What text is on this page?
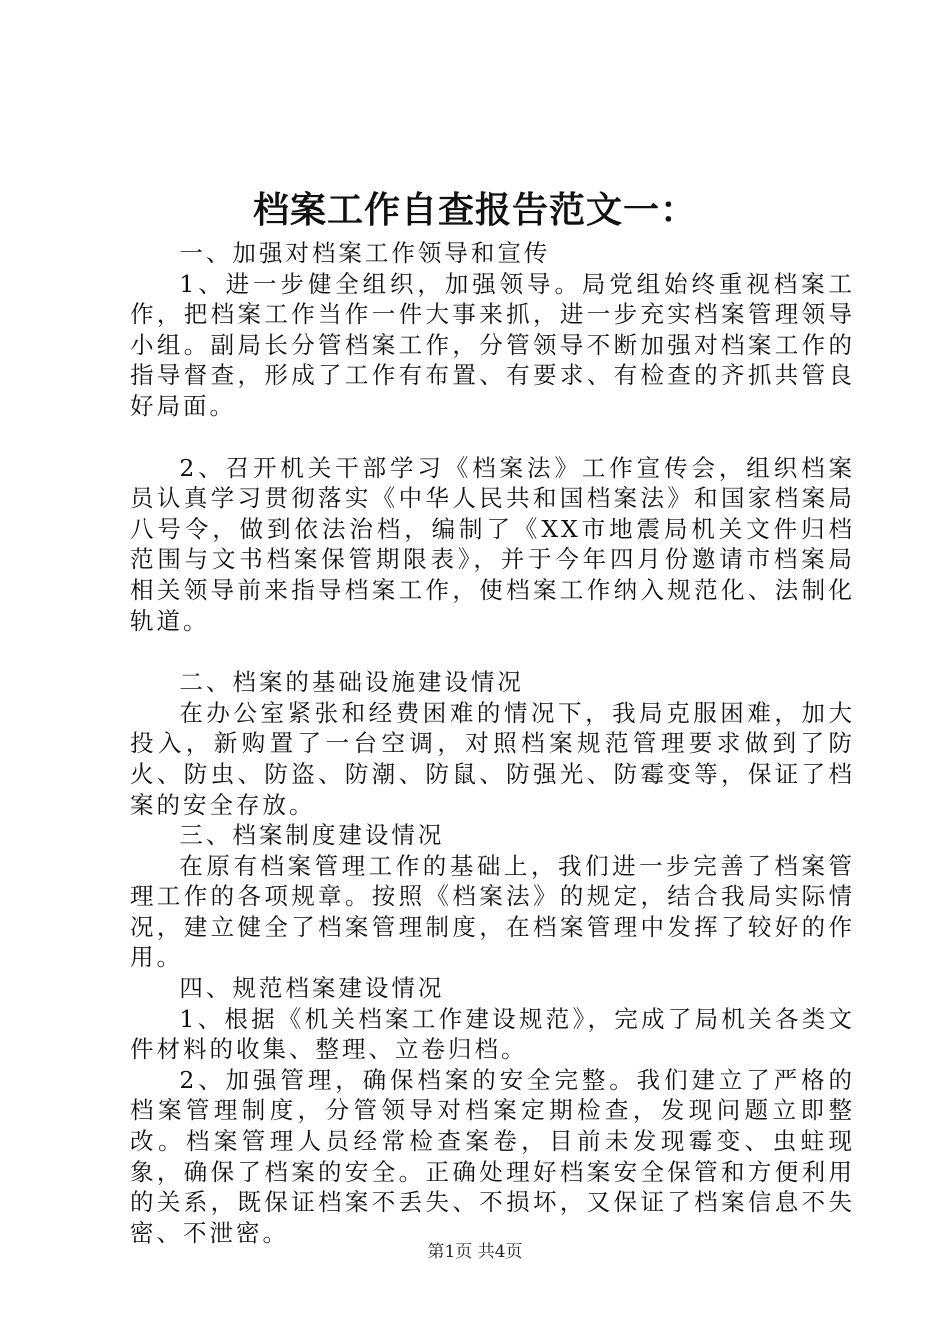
档案工作自查报告范文一：

一、加强对档案工作领导和宣传

1、进一步健全组织，加强领导。局党组始终重视档案工作，把档案工作当作一件大事来抓，进一步充实档案管理领导小组。副局长分管档案工作，分管领导不断加强对档案工作的指导督查，形成了工作有布置、有要求、有检查的齐抓共管良好局面。

2、召开机关干部学习《档案法》工作宣传会，组织档案员认真学习贯彻落实《中华人民共和国档案法》和国家档案局八号令，做到依法治档，编制了《XX市地震局机关文件归档范围与文书档案保管期限表》，并于今年四月份邀请市档案局相关领导前来指导档案工作，使档案工作纳入规范化、法制化轨道。

二、档案的基础设施建设情况

在办公室紧张和经费困难的情况下，我局克服困难，加大投入，新购置了一台空调，对照档案规范管理要求做到了防火、防虫、防盗、防潮、防鼠、防强光、防霉变等，保证了档案的安全存放。

三、档案制度建设情况

在原有档案管理工作的基础上，我们进一步完善了档案管理工作的各项规章。按照《档案法》的规定，结合我局实际情况，建立健全了档案管理制度，在档案管理中发挥了较好的作用。

四、规范档案建设情况

1、根据《机关档案工作建设规范》，完成了局机关各类文件材料的收集、整理、立卷归档。

2、加强管理，确保档案的安全完整。我们建立了严格的档案管理制度，分管领导对档案定期检查，发现问题立即整改。档案管理人员经常检查案卷，目前未发现霉变、虫蛀现象，确保了档案的安全。正确处理好档案安全保管和方便利用的关系，既保证档案不丢失、不损坏，又保证了档案信息不失密、不泄密。

第1页 共4页
